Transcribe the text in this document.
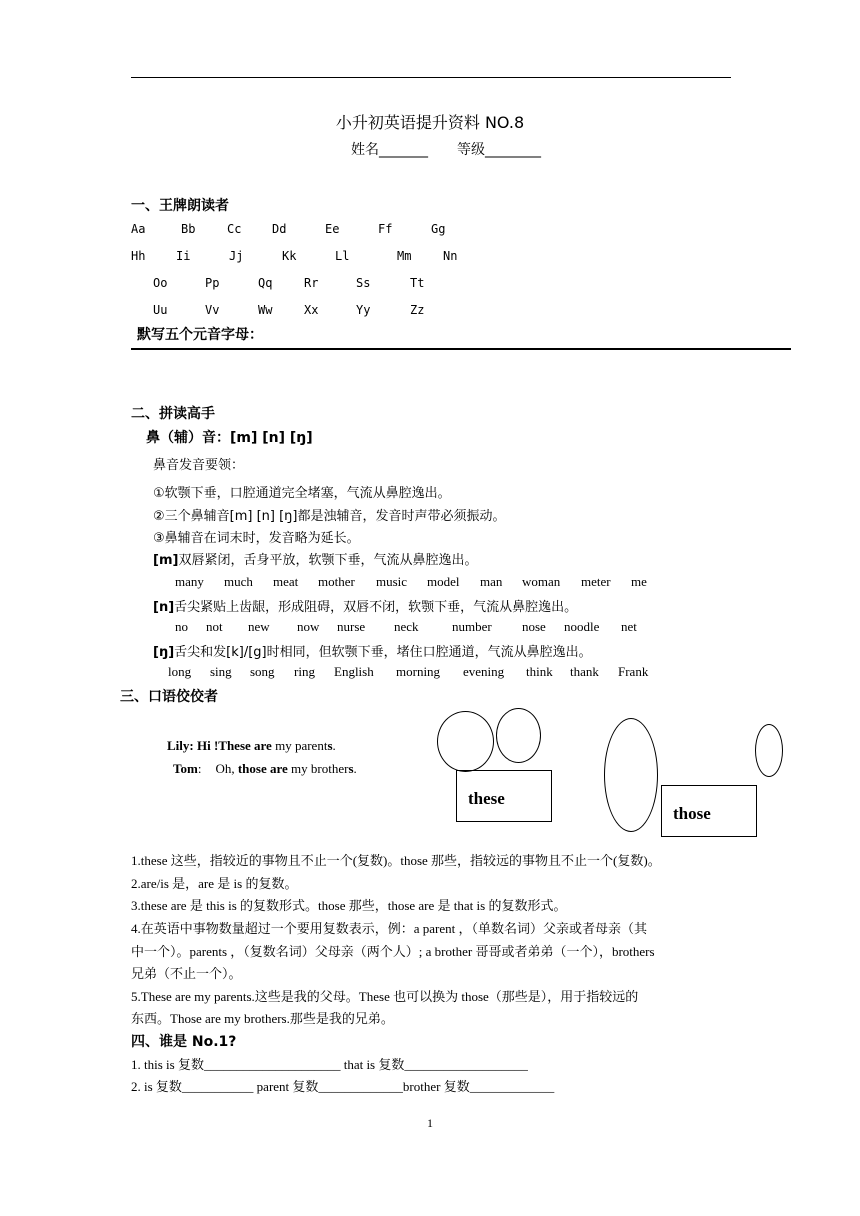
小升初英语提升资料 NO.8
姓名_______ 等级________
一、王牌朗读者
Aa	Bb	Cc	Dd	Ee	Ff	Gg
Hh	Ii	Jj	Kk	Ll	Mm	Nn
Oo	Pp	Qq	Rr	Ss	Tt
Uu	Vv	Ww	Xx	Yy	Zz
默写五个元音字母：
二、拼读高手
鼻（辅）音：[m] [n] [ŋ]
鼻音发音要领：
①软颚下垂，口腔通道完全堵塞，气流从鼻腔逸出。
②三个鼻辅音[m] [n] [ŋ]都是浊辅音，发音时声带必须振动。
③鼻辅音在词末时，发音略为延长。
[m]双唇紧闭，舌身平放，软颚下垂，气流从鼻腔逸出。
many much meat mother music model man woman meter me
[n]舌尖紧贴上齿龈，形成阻碍，双唇不闭，软颚下垂，气流从鼻腔逸出。
no not new now nurse neck	number nose noodle net
[ŋ]舌尖和发[k]/[g]时相同，但软颚下垂，堵住口腔通道，气流从鼻腔逸出。
long sing song ring English morning evening think thank Frank
三、口语佼佼者
Lily: Hi !These are my parents.
Tom: Oh, those are my brothers.
these
those
1.these 这些，指较近的事物且不止一个(复数)。those 那些，指较远的事物且不止一个(复数)。
2.are/is 是，are 是 is 的复数。
3.these are 是 this is 的复数形式。those 那些，those are 是 that is 的复数形式。
4.在英语中事物数量超过一个要用复数表示，例：a parent ，（单数名词）父亲或者母亲（其
中一个）。parents ，（复数名词）父母亲（两个人）; a brother 哥哥或者弟弟（一个），brothers
兄弟（不止一个）。
5.These are my parents.这些是我的父母。These 也可以换为 those（那些是），用于指较远的
东西。Those are my brothers.那些是我的兄弟。
四、谁是 No.1?
1. this is 复数_____________________ that is 复数___________________
2. is 复数___________ parent 复数_____________brother 复数_____________
1
